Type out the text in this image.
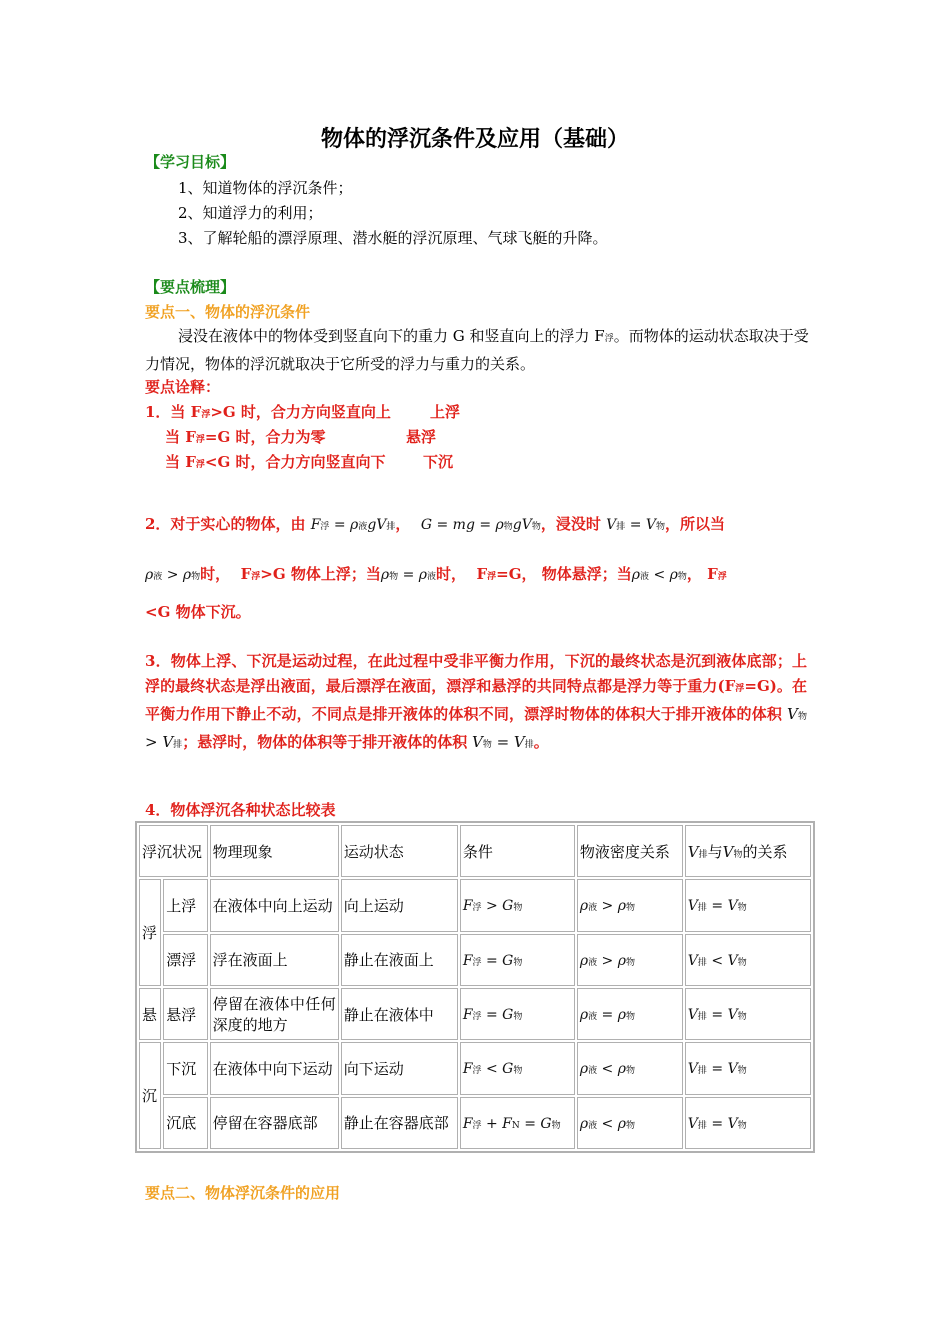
物体的浮沉条件及应用（基础）
【学习目标】
1、知道物体的浮沉条件；
2、知道浮力的利用；
3、了解轮船的漂浮原理、潜水艇的浮沉原理、气球飞艇的升降。
【要点梳理】
要点一、物体的浮沉条件
浸没在液体中的物体受到竖直向下的重力 G 和竖直向上的浮力 F浮。而物体的运动状态取决于受力情况，物体的浮沉就取决于它所受的浮力与重力的关系。
要点诠释：
1．当 F浮>G 时，合力方向竖直向上	上浮
当 F浮=G 时，合力为零	悬浮
当 F浮<G 时，合力方向竖直向下	下沉
2．对于实心的物体，由 F浮 = ρ液gV排，  G = mg = ρ物gV物，浸没时 V排 = V物，所以当
ρ液 > ρ物时，  F浮>G 物体上浮；当ρ物 = ρ液时，  F浮=G， 物体悬浮；当ρ液 < ρ物， F浮
<G 物体下沉。
3．物体上浮、下沉是运动过程，在此过程中受非平衡力作用，下沉的最终状态是沉到液体底部；上浮的最终状态是浮出液面，最后漂浮在液面，漂浮和悬浮的共同特点都是浮力等于重力(F浮=G)。在平衡力作用下静止不动，不同点是排开液体的体积不同，漂浮时物体的体积大于排开液体的体积 V物 > V排；悬浮时，物体的体积等于排开液体的体积 V物 = V排。
4．物体浮沉各种状态比较表
浮沉状况		物理现象	运动状态	条件	物液密度关系	V排与V物的关系
浮	上浮	在液体中向上运动	向上运动	F浮 > G物	ρ液 > ρ物	V排 = V物
	漂浮	浮在液面上	静止在液面上	F浮 = G物	ρ液 > ρ物	V排 < V物
悬	悬浮	停留在液体中任何深度的地方	静止在液体中	F浮 = G物	ρ液 = ρ物	V排 = V物
沉	下沉	在液体中向下运动	向下运动	F浮 < G物	ρ液 < ρ物	V排 = V物
	沉底	停留在容器底部	静止在容器底部	F浮 + FN = G物	ρ液 < ρ物	V排 = V物
要点二、物体浮沉条件的应用
